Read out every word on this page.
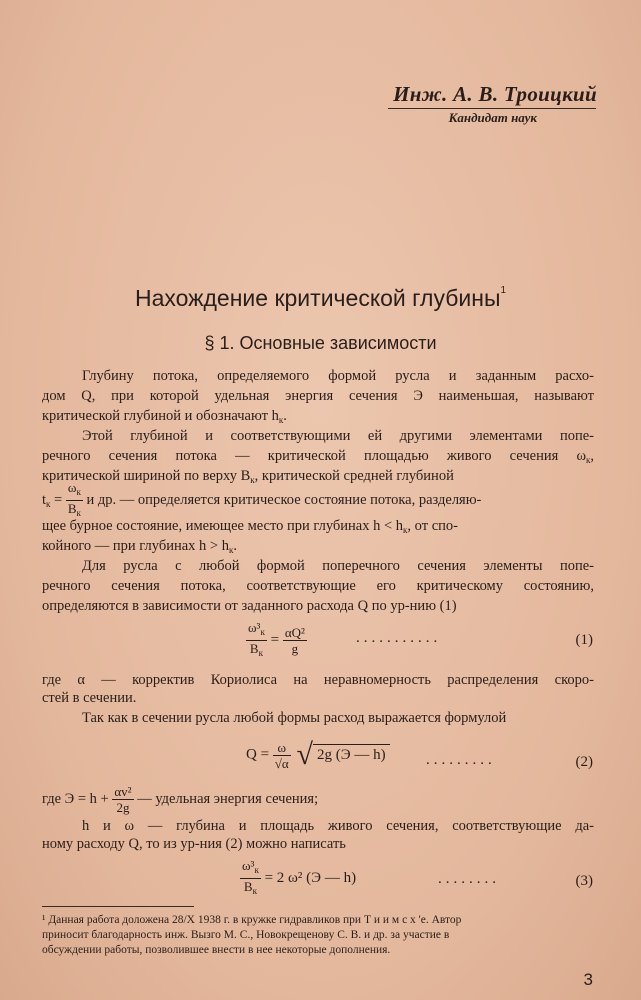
Инж. А. В. Троицкий
Кандидат наук
Нахождение критической глубины$^1$
§ 1. Основные зависимости
Глубину потока, определяемого формой русла и заданным расхо-
дом Q, при которой удельная энергия сечения Э наименьшая, называют
критической глубиной и обозначают $h_к$.
Этой глубиной и соответствующими ей другими элементами попе-
речного сечения потока — критической площадью живого сечения $\omega_к$,
критической шириной по верху $B_к$, критической средней глубиной
$t_к = \frac{\omega_к}{B_к}$ и др. — определяется критическое состояние потока, разделяю-
щее бурное состояние, имеющее место при глубинах $h < h_к$, от спо-
койного — при глубинах $h > h_к$.
Для русла с любой формой поперечного сечения элементы попе-
речного сечения потока, соответствующие его критическому состоянию,
определяются в зависимости от заданного расхода Q по ур-нию (1)
$\frac{\omega^3_к}{B_к} = \frac{\text{αQ²}}{g}$	...........	(1)
где α — корректив Кориолиса на неравномерность распределения скоро-
стей в сечении.
Так как в сечении русла любой формы расход выражается формулой
$Q = \frac{\omega}{√\alpha}$ √ 2g (Э — h)	.........	(2)
где $Э = h + \frac{\text{αv²}}{2g}$ — удельная энергия сечения;
h и ω — глубина и площадь живого сечения, соответствующие да-
ному расходу Q, то из ур-ния (2) можно написать
$\frac{\omega^3_к}{B_к} = 2$ ω² (Э — h)	........	(3)
¹ Данная работа доложена 28/X 1938 г. в кружке гидравликов при Т и и м с х 'е. Автор
приносит благодарность инж. Вызго М. С., Новокрещенову С. В. и др. за участие в
обсуждении работы, позволившее внести в нее некоторые дополнения.
3
